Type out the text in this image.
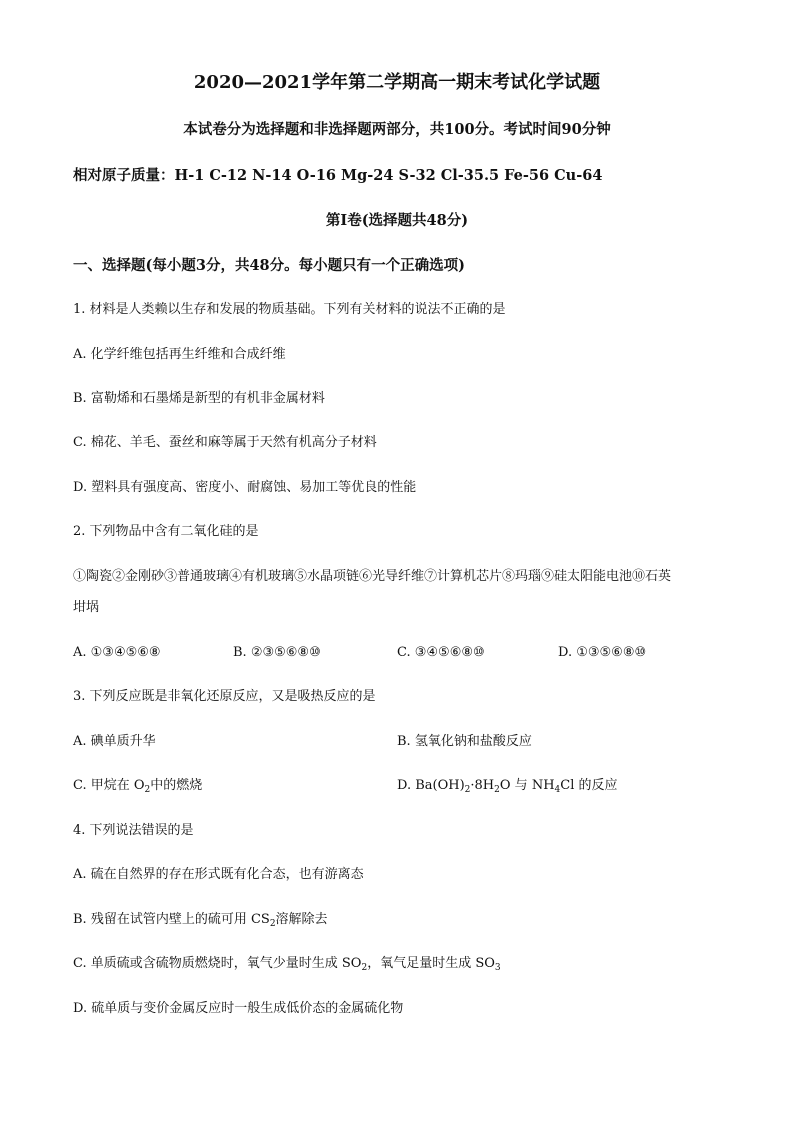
2020—2021学年第二学期高一期末考试化学试题
本试卷分为选择题和非选择题两部分，共100分。考试时间90分钟
相对原子质量：H-1 C-12 N-14 O-16 Mg-24 S-32 Cl-35.5 Fe-56 Cu-64
第Ⅰ卷(选择题共48分)
一、选择题(每小题3分，共48分。每小题只有一个正确选项)
1. 材料是人类赖以生存和发展的物质基础。下列有关材料的说法不正确的是
A. 化学纤维包括再生纤维和合成纤维
B. 富勒烯和石墨烯是新型的有机非金属材料
C. 棉花、羊毛、蚕丝和麻等属于天然有机高分子材料
D. 塑料具有强度高、密度小、耐腐蚀、易加工等优良的性能
2. 下列物品中含有二氧化硅的是
①陶瓷②金刚砂③普通玻璃④有机玻璃⑤水晶项链⑥光导纤维⑦计算机芯片⑧玛瑙⑨硅太阳能电池⑩石英
坩埚
A. ①③④⑤⑥⑧	B. ②③⑤⑥⑧⑩	C. ③④⑤⑥⑧⑩	D. ①③⑤⑥⑧⑩
3. 下列反应既是非氧化还原反应，又是吸热反应的是
A. 碘单质升华	B. 氢氧化钠和盐酸反应
C. 甲烷在 $O_2$中的燃烧	D. $Ba(OH)_2\cdot 8H_2O$ 与 $NH_4Cl$ 的反应
4. 下列说法错误的是
A. 硫在自然界的存在形式既有化合态，也有游离态
B. 残留在试管内壁上的硫可用 $CS_2$溶解除去
C. 单质硫或含硫物质燃烧时，氧气少量时生成 $SO_2$，氧气足量时生成 $SO_3$
D. 硫单质与变价金属反应时一般生成低价态的金属硫化物
